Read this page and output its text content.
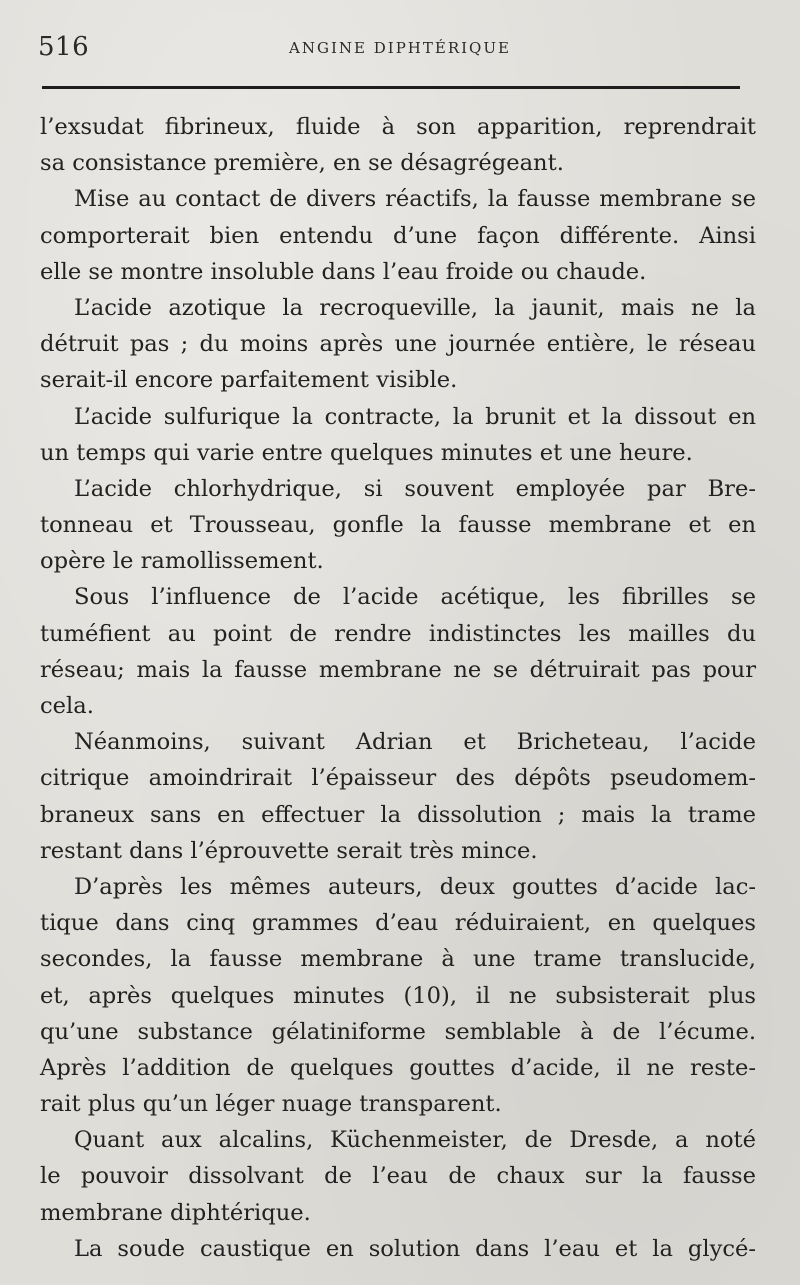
516	ANGINE DIPHTÉRIQUE
l’exsudat fibrineux, fluide à son apparition, reprendrait
sa consistance première, en se désagrégeant.
Mise au contact de divers réactifs, la fausse membrane se
comporterait bien entendu d’une façon différente. Ainsi
elle se montre insoluble dans l’eau froide ou chaude.
L’acide azotique la recroqueville, la jaunit, mais ne la
détruit pas ; du moins après une journée entière, le réseau
serait-il encore parfaitement visible.
L’acide sulfurique la contracte, la brunit et la dissout en
un temps qui varie entre quelques minutes et une heure.
L’acide chlorhydrique, si souvent employée par Bre-
tonneau et Trousseau, gonfle la fausse membrane et en
opère le ramollissement.
Sous l’influence de l’acide acétique, les fibrilles se
tuméfient au point de rendre indistinctes les mailles du
réseau; mais la fausse membrane ne se détruirait pas pour
cela.
Néanmoins, suivant Adrian et Bricheteau, l’acide
citrique amoindrirait l’épaisseur des dépôts pseudomem-
braneux sans en effectuer la dissolution ; mais la trame
restant dans l’éprouvette serait très mince.
D’après les mêmes auteurs, deux gouttes d’acide lac-
tique dans cinq grammes d’eau réduiraient, en quelques
secondes, la fausse membrane à une trame translucide,
et, après quelques minutes (10), il ne subsisterait plus
qu’une substance gélatiniforme semblable à de l’écume.
Après l’addition de quelques gouttes d’acide, il ne reste-
rait plus qu’un léger nuage transparent.
Quant aux alcalins, Küchenmeister, de Dresde, a noté
le pouvoir dissolvant de l’eau de chaux sur la fausse
membrane diphtérique.
La soude caustique en solution dans l’eau et la glycé-
